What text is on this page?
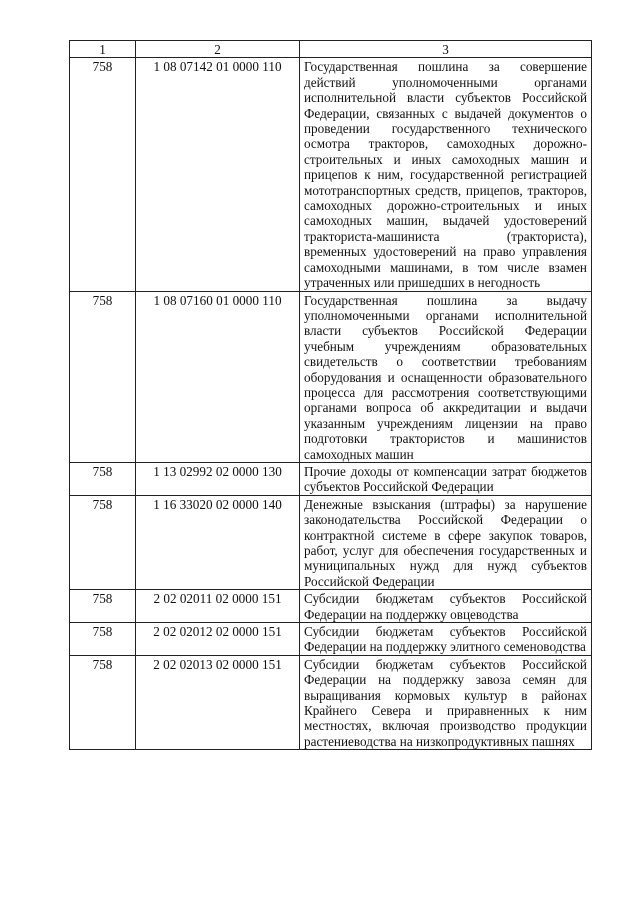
1	2	3
758	1 08 07142 01 0000 110	Государственная пошлина за совершение действий уполномоченными органами исполнительной власти субъектов Российской Федерации, связанных с выдачей документов о проведении государственного технического осмотра тракторов, самоходных дорожно-строительных и иных самоходных машин и прицепов к ним, государственной регистрацией мототранспортных средств, прицепов, тракторов, самоходных дорожно-строительных и иных самоходных машин, выдачей удостоверений тракториста-машиниста (тракториста), временных удостоверений на право управления самоходными машинами, в том числе взамен утраченных или пришедших в негодность
758	1 08 07160 01 0000 110	Государственная пошлина за выдачу уполномоченными органами исполнительной власти субъектов Российской Федерации учебным учреждениям образовательных свидетельств о соответствии требованиям оборудования и оснащенности образовательного процесса для рассмотрения соответствующими органами вопроса об аккредитации и выдачи указанным учреждениям лицензии на право подготовки трактористов и машинистов самоходных машин
758	1 13 02992 02 0000 130	Прочие доходы от компенсации затрат бюджетов субъектов Российской Федерации
758	1 16 33020 02 0000 140	Денежные взыскания (штрафы) за нарушение законодательства Российской Федерации о контрактной системе в сфере закупок товаров, работ, услуг для обеспечения государственных и муниципальных нужд для нужд субъектов Российской Федерации
758	2 02 02011 02 0000 151	Субсидии бюджетам субъектов Российской Федерации на поддержку овцеводства
758	2 02 02012 02 0000 151	Субсидии бюджетам субъектов Российской Федерации на поддержку элитного семеноводства
758	2 02 02013 02 0000 151	Субсидии бюджетам субъектов Российской Федерации на поддержку завоза семян для выращивания кормовых культур в районах Крайнего Севера и приравненных к ним местностях, включая производство продукции растениеводства на низкопродуктивных пашнях
